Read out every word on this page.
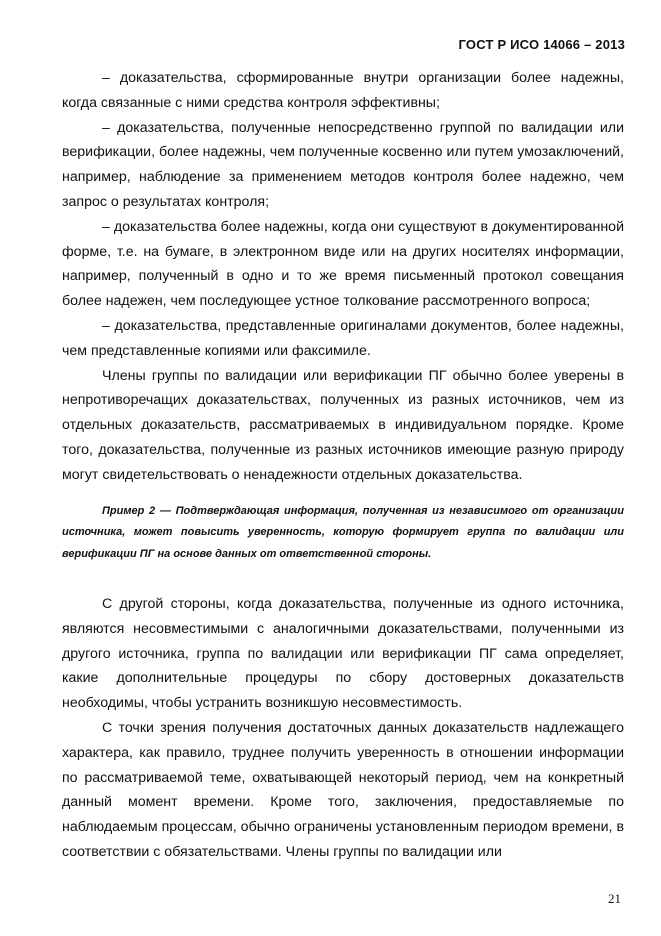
ГОСТ Р ИСО 14066 – 2013

– доказательства, сформированные внутри организации более надежны, когда связанные с ними средства контроля эффективны;

– доказательства, полученные непосредственно группой по валидации или верификации, более надежны, чем полученные косвенно или путем умозаключений, например, наблюдение за применением методов контроля более надежно, чем запрос о результатах контроля;

– доказательства более надежны, когда они существуют в документированной форме, т.е. на бумаге, в электронном виде или на других носителях информации, например, полученный в одно и то же время письменный протокол совещания более надежен, чем последующее устное толкование рассмотренного вопроса;

– доказательства, представленные оригиналами документов, более надежны, чем представленные копиями или факсимиле.

Члены группы по валидации или верификации ПГ обычно более уверены в непротиворечащих доказательствах, полученных из разных источников, чем из отдельных доказательств, рассматриваемых в индивидуальном порядке. Кроме того, доказательства, полученные из разных источников имеющие разную природу могут свидетельствовать о ненадежности отдельных доказательства.

Пример 2 — Подтверждающая информация, полученная из независимого от организации источника, может повысить уверенность, которую формирует группа по валидации или верификации ПГ на основе данных от ответственной стороны.

С другой стороны, когда доказательства, полученные из одного источника, являются несовместимыми с аналогичными доказательствами, полученными из другого источника, группа по валидации или верификации ПГ сама определяет, какие дополнительные процедуры по сбору достоверных доказательств необходимы, чтобы устранить возникшую несовместимость.

С точки зрения получения достаточных данных доказательств надлежащего характера, как правило, труднее получить уверенность в отношении информации по рассматриваемой теме, охватывающей некоторый период, чем на конкретный данный момент времени. Кроме того, заключения, предоставляемые по наблюдаемым процессам, обычно ограничены установленным периодом времени, в соответствии с обязательствами. Члены группы по валидации или

21
